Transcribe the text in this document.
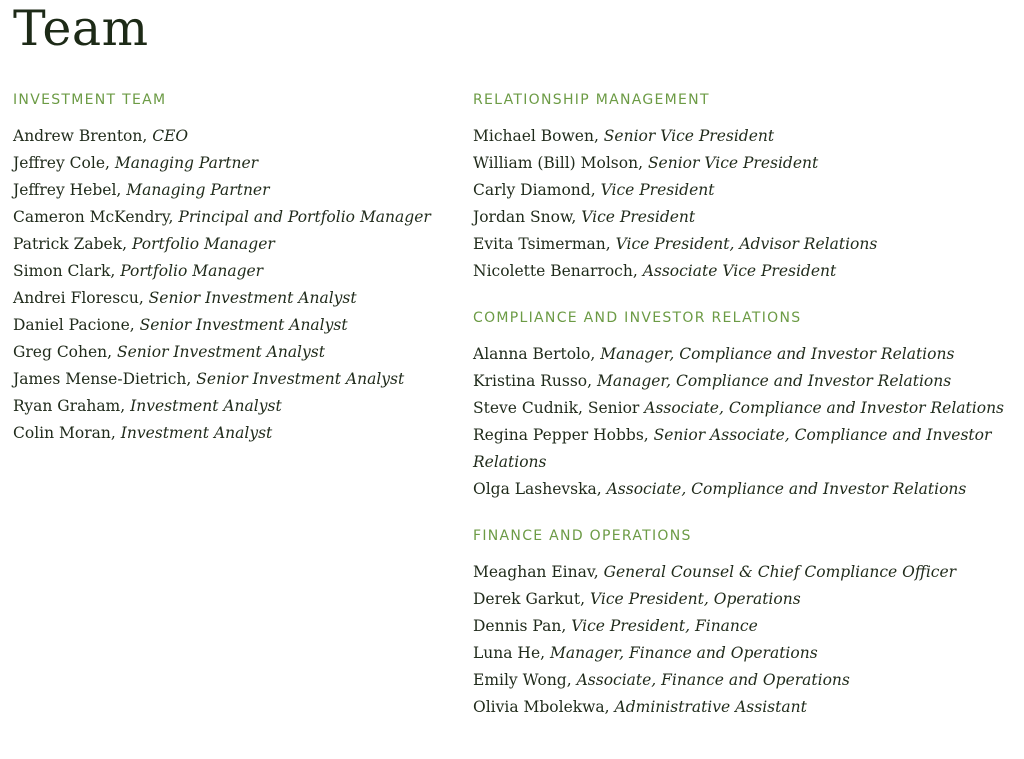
Team
INVESTMENT TEAM
Andrew Brenton, CEO
Jeffrey Cole, Managing Partner
Jeffrey Hebel, Managing Partner
Cameron McKendry, Principal and Portfolio Manager
Patrick Zabek, Portfolio Manager
Simon Clark, Portfolio Manager
Andrei Florescu, Senior Investment Analyst
Daniel Pacione, Senior Investment Analyst
Greg Cohen, Senior Investment Analyst
James Mense-Dietrich, Senior Investment Analyst
Ryan Graham, Investment Analyst
Colin Moran, Investment Analyst
RELATIONSHIP MANAGEMENT
Michael Bowen, Senior Vice President
William (Bill) Molson, Senior Vice President
Carly Diamond, Vice President
Jordan Snow, Vice President
Evita Tsimerman, Vice President, Advisor Relations
Nicolette Benarroch, Associate Vice President
COMPLIANCE AND INVESTOR RELATIONS
Alanna Bertolo, Manager, Compliance and Investor Relations
Kristina Russo, Manager, Compliance and Investor Relations
Steve Cudnik, Senior Associate, Compliance and Investor Relations
Regina Pepper Hobbs, Senior Associate, Compliance and Investor Relations
Olga Lashevska, Associate, Compliance and Investor Relations
FINANCE AND OPERATIONS
Meaghan Einav, General Counsel & Chief Compliance Officer
Derek Garkut, Vice President, Operations
Dennis Pan, Vice President, Finance
Luna He, Manager, Finance and Operations
Emily Wong, Associate, Finance and Operations
Olivia Mbolekwa, Administrative Assistant
